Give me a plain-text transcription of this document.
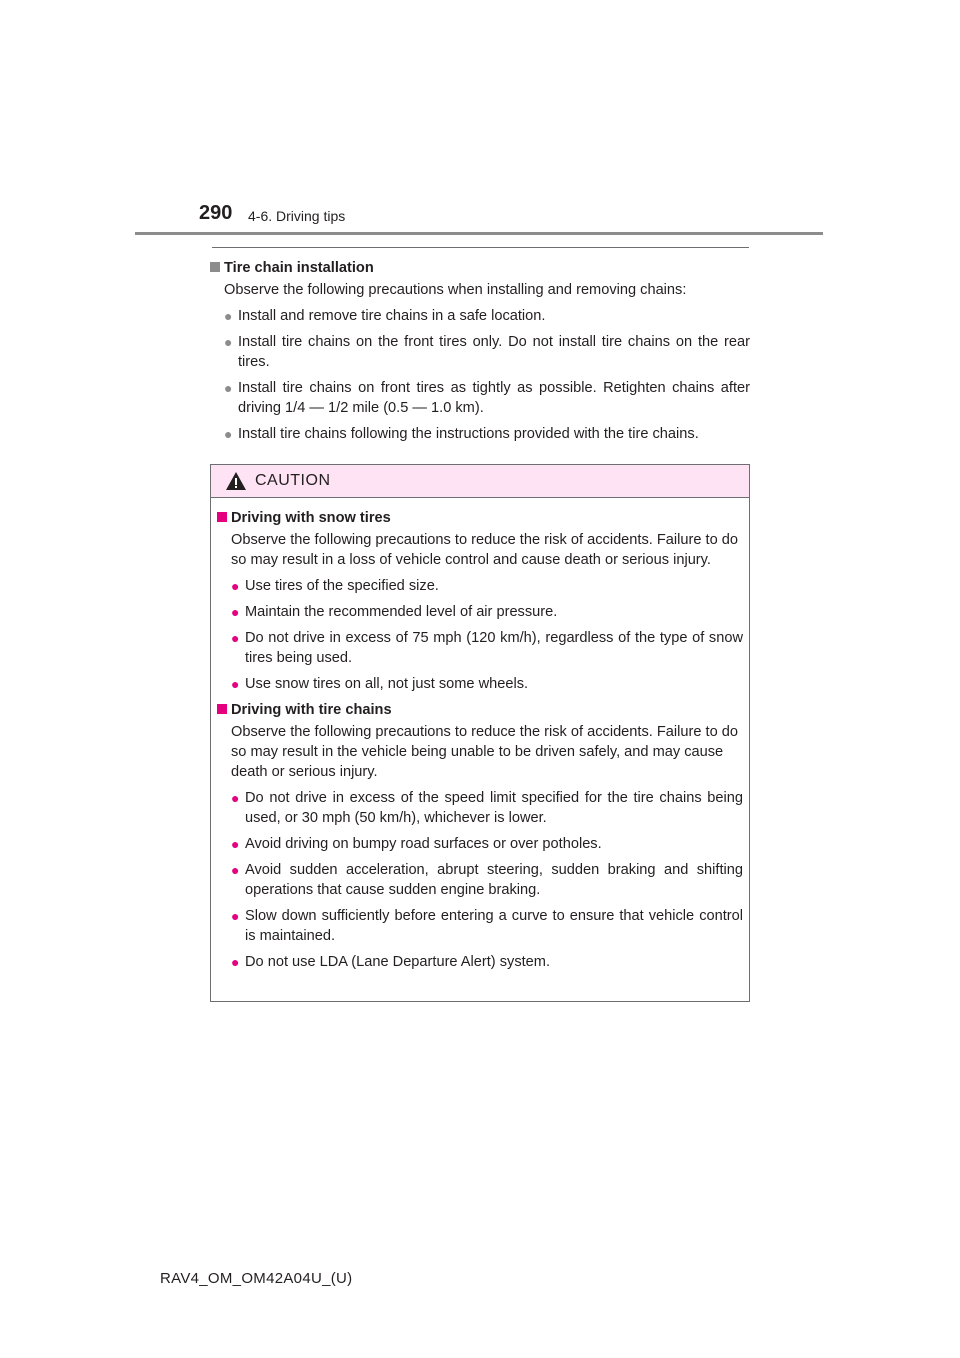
290 4-6. Driving tips
Tire chain installation
Observe the following precautions when installing and removing chains:
● Install and remove tire chains in a safe location.
● Install tire chains on the front tires only. Do not install tire chains on the rear tires.
● Install tire chains on front tires as tightly as possible. Retighten chains after driving 1/4 — 1/2 mile (0.5 — 1.0 km).
● Install tire chains following the instructions provided with the tire chains.
CAUTION
Driving with snow tires
Observe the following precautions to reduce the risk of accidents. Failure to do so may result in a loss of vehicle control and cause death or serious injury.
● Use tires of the specified size.
● Maintain the recommended level of air pressure.
● Do not drive in excess of 75 mph (120 km/h), regardless of the type of snow tires being used.
● Use snow tires on all, not just some wheels.
Driving with tire chains
Observe the following precautions to reduce the risk of accidents. Failure to do so may result in the vehicle being unable to be driven safely, and may cause death or serious injury.
● Do not drive in excess of the speed limit specified for the tire chains being used, or 30 mph (50 km/h), whichever is lower.
● Avoid driving on bumpy road surfaces or over potholes.
● Avoid sudden acceleration, abrupt steering, sudden braking and shifting operations that cause sudden engine braking.
● Slow down sufficiently before entering a curve to ensure that vehicle control is maintained.
● Do not use LDA (Lane Departure Alert) system.
RAV4_OM_OM42A04U_(U)
